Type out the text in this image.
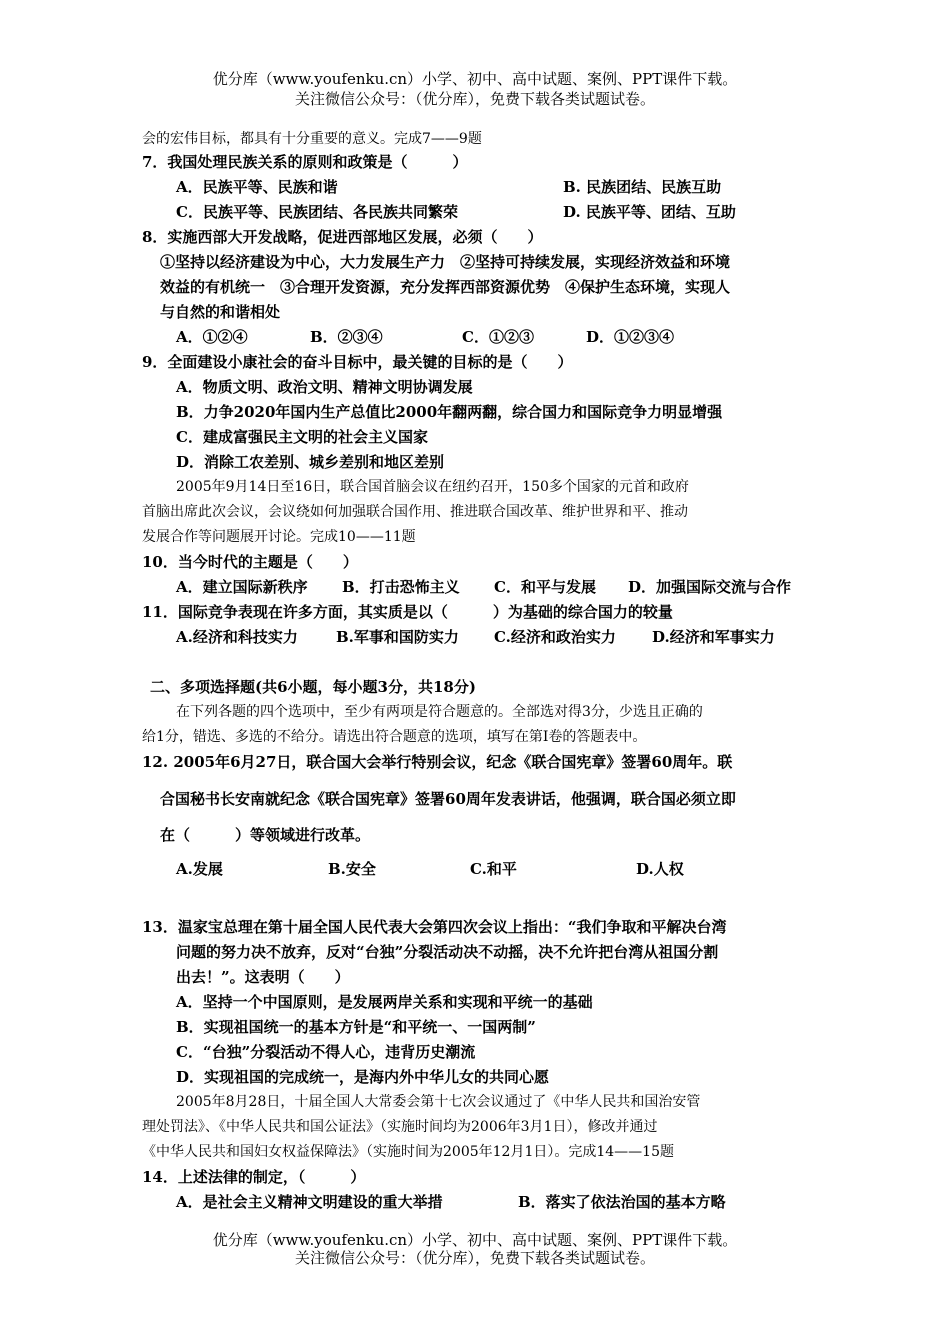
优分库（www.youfenku.cn）小学、初中、高中试题、案例、PPT课件下载。
关注微信公众号：（优分库），免费下载各类试题试卷。
会的宏伟目标，都具有十分重要的意义。完成7——9题
7．我国处理民族关系的原则和政策是（　　　）
A．民族平等、民族和谐	B. 民族团结、民族互助
C．民族平等、民族团结、各民族共同繁荣	D. 民族平等、团结、互助
8．实施西部大开发战略，促进西部地区发展，必须（　　）
①坚持以经济建设为中心，大力发展生产力　②坚持可持续发展，实现经济效益和环境
效益的有机统一　③合理开发资源，充分发挥西部资源优势　④保护生态环境，实现人
与自然的和谐相处
A．①②④	B．②③④	C．①②③	D．①②③④
9．全面建设小康社会的奋斗目标中，最关键的目标的是（　　）
A．物质文明、政治文明、精神文明协调发展
B．力争2020年国内生产总值比2000年翻两翻，综合国力和国际竞争力明显增强
C．建成富强民主文明的社会主义国家
D．消除工农差别、城乡差别和地区差别
2005年9月14日至16日，联合国首脑会议在纽约召开，150多个国家的元首和政府
首脑出席此次会议，会议绕如何加强联合国作用、推进联合国改革、维护世界和平、推动
发展合作等问题展开讨论。完成10——11题
10．当今时代的主题是（　　）
A．建立国际新秩序 B．打击恐怖主义 C．和平与发展 D．加强国际交流与合作
11．国际竞争表现在许多方面，其实质是以（　　　）为基础的综合国力的较量
A.经济和科技实力	B.军事和国防实力 C.经济和政治实力 D.经济和军事实力
二、多项选择题(共6小题，每小题3分，共18分)
在下列各题的四个选项中，至少有两项是符合题意的。全部选对得3分，少选且正确的
给1分，错选、多选的不给分。请选出符合题意的选项，填写在第Ⅰ卷的答题表中。
12. 2005年6月27日，联合国大会举行特别会议，纪念《联合国宪章》签署60周年。联
合国秘书长安南就纪念《联合国宪章》签署60周年发表讲话，他强调，联合国必须立即
在（　　　）等领域进行改革。
A.发展	B.安全	C.和平	D.人权
13．温家宝总理在第十届全国人民代表大会第四次会议上指出：“我们争取和平解决台湾
问题的努力决不放弃，反对“台独”分裂活动决不动摇，决不允许把台湾从祖国分割
出去！”。这表明（　　）
A．坚持一个中国原则，是发展两岸关系和实现和平统一的基础
B．实现祖国统一的基本方针是“和平统一、一国两制”
C．“台独”分裂活动不得人心，违背历史潮流
D．实现祖国的完成统一，是海内外中华儿女的共同心愿
2005年8月28日，十届全国人大常委会第十七次会议通过了《中华人民共和国治安管
理处罚法》、《中华人民共和国公证法》（实施时间均为2006年3月1日），修改并通过
《中华人民共和国妇女权益保障法》（实施时间为2005年12月1日）。完成14——15题
14．上述法律的制定，（　　　）
A．是社会主义精神文明建设的重大举措	B．落实了依法治国的基本方略
优分库（www.youfenku.cn）小学、初中、高中试题、案例、PPT课件下载。
关注微信公众号：（优分库），免费下载各类试题试卷。
